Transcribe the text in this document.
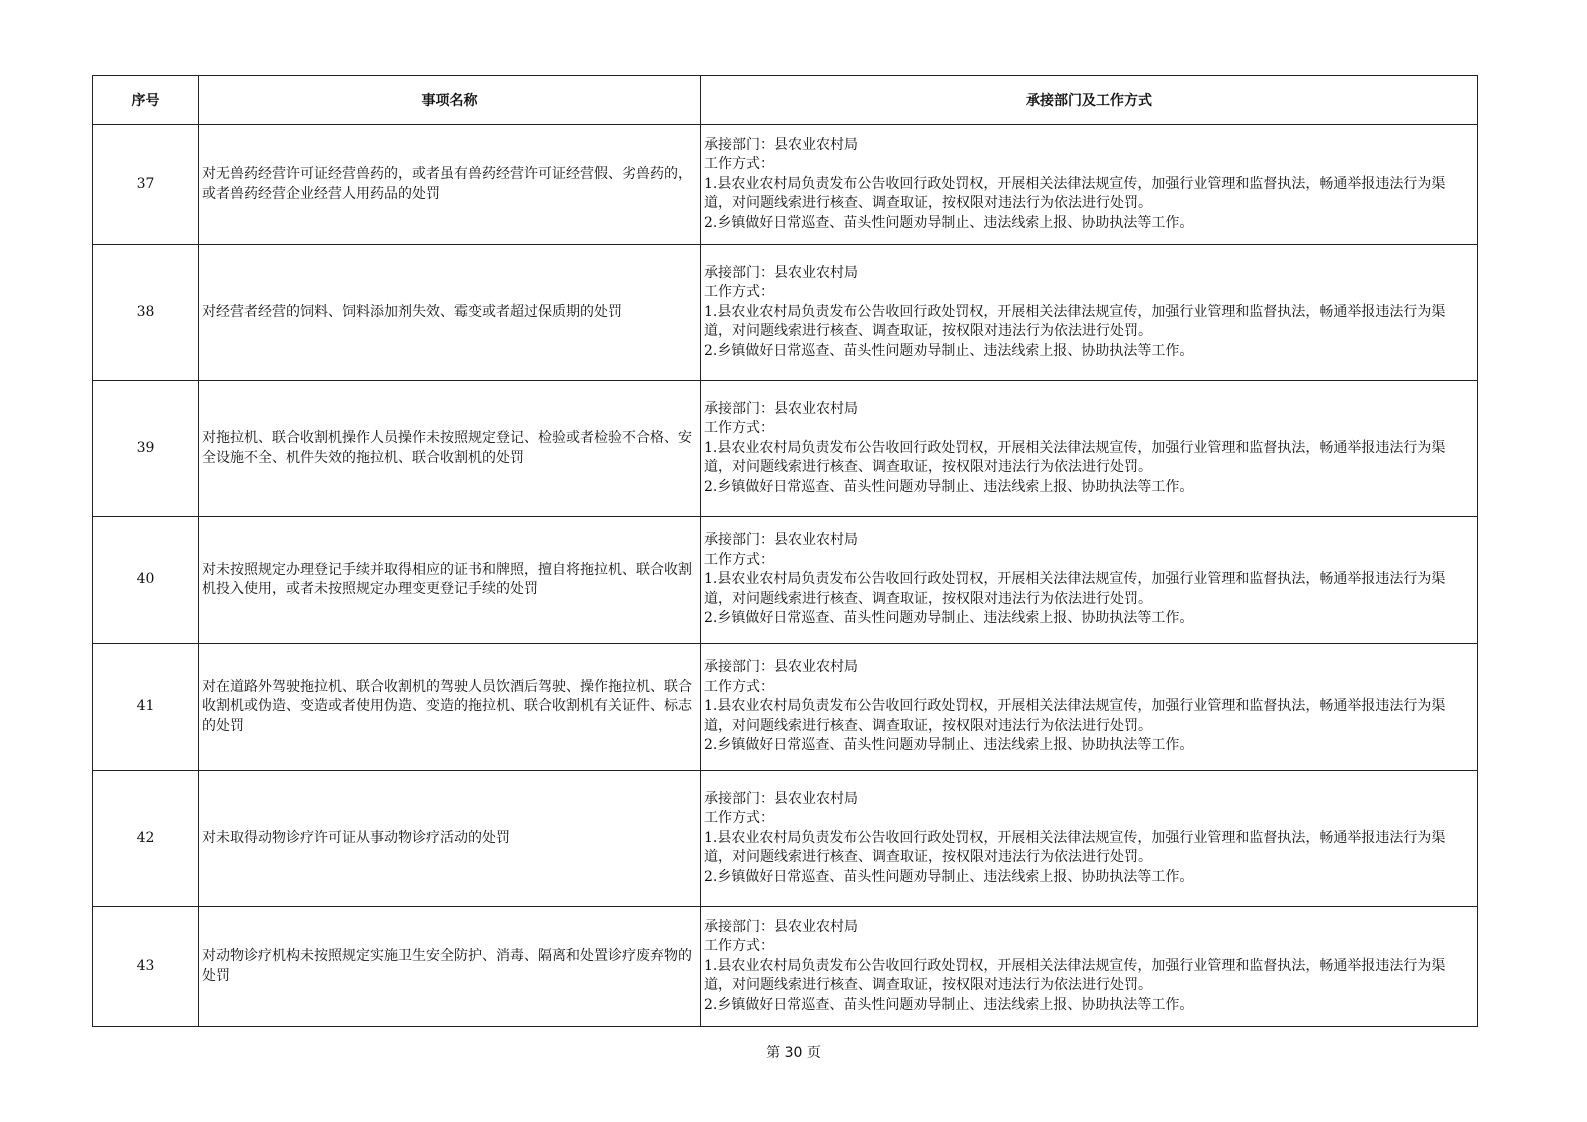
序号	事项名称	承接部门及工作方式
37	对无兽药经营许可证经营兽药的，或者虽有兽药经营许可证经营假、劣兽药的，或者兽药经营企业经营人用药品的处罚	承接部门：县农业农村局
工作方式：
1.县农业农村局负责发布公告收回行政处罚权，开展相关法律法规宣传，加强行业管理和监督执法，畅通举报违法行为渠道，对问题线索进行核查、调查取证，按权限对违法行为依法进行处罚。
2.乡镇做好日常巡查、苗头性问题劝导制止、违法线索上报、协助执法等工作。

38	对经营者经营的饲料、饲料添加剂失效、霉变或者超过保质期的处罚	承接部门：县农业农村局
工作方式：
1.县农业农村局负责发布公告收回行政处罚权，开展相关法律法规宣传，加强行业管理和监督执法，畅通举报违法行为渠道，对问题线索进行核查、调查取证，按权限对违法行为依法进行处罚。
2.乡镇做好日常巡查、苗头性问题劝导制止、违法线索上报、协助执法等工作。

39	对拖拉机、联合收割机操作人员操作未按照规定登记、检验或者检验不合格、安全设施不全、机件失效的拖拉机、联合收割机的处罚	承接部门：县农业农村局
工作方式：
1.县农业农村局负责发布公告收回行政处罚权，开展相关法律法规宣传，加强行业管理和监督执法，畅通举报违法行为渠道，对问题线索进行核查、调查取证，按权限对违法行为依法进行处罚。
2.乡镇做好日常巡查、苗头性问题劝导制止、违法线索上报、协助执法等工作。

40	对未按照规定办理登记手续并取得相应的证书和牌照，擅自将拖拉机、联合收割机投入使用，或者未按照规定办理变更登记手续的处罚	承接部门：县农业农村局
工作方式：
1.县农业农村局负责发布公告收回行政处罚权，开展相关法律法规宣传，加强行业管理和监督执法，畅通举报违法行为渠道，对问题线索进行核查、调查取证，按权限对违法行为依法进行处罚。
2.乡镇做好日常巡查、苗头性问题劝导制止、违法线索上报、协助执法等工作。

41	对在道路外驾驶拖拉机、联合收割机的驾驶人员饮酒后驾驶、操作拖拉机、联合收割机或伪造、变造或者使用伪造、变造的拖拉机、联合收割机有关证件、标志的处罚	承接部门：县农业农村局
工作方式：
1.县农业农村局负责发布公告收回行政处罚权，开展相关法律法规宣传，加强行业管理和监督执法，畅通举报违法行为渠道，对问题线索进行核查、调查取证，按权限对违法行为依法进行处罚。
2.乡镇做好日常巡查、苗头性问题劝导制止、违法线索上报、协助执法等工作。

42	对未取得动物诊疗许可证从事动物诊疗活动的处罚	承接部门：县农业农村局
工作方式：
1.县农业农村局负责发布公告收回行政处罚权，开展相关法律法规宣传，加强行业管理和监督执法，畅通举报违法行为渠道，对问题线索进行核查、调查取证，按权限对违法行为依法进行处罚。
2.乡镇做好日常巡查、苗头性问题劝导制止、违法线索上报、协助执法等工作。

43	对动物诊疗机构未按照规定实施卫生安全防护、消毒、隔离和处置诊疗废弃物的处罚	承接部门：县农业农村局
工作方式：
1.县农业农村局负责发布公告收回行政处罚权，开展相关法律法规宣传，加强行业管理和监督执法，畅通举报违法行为渠道，对问题线索进行核查、调查取证，按权限对违法行为依法进行处罚。
2.乡镇做好日常巡查、苗头性问题劝导制止、违法线索上报、协助执法等工作。
第 30 页
